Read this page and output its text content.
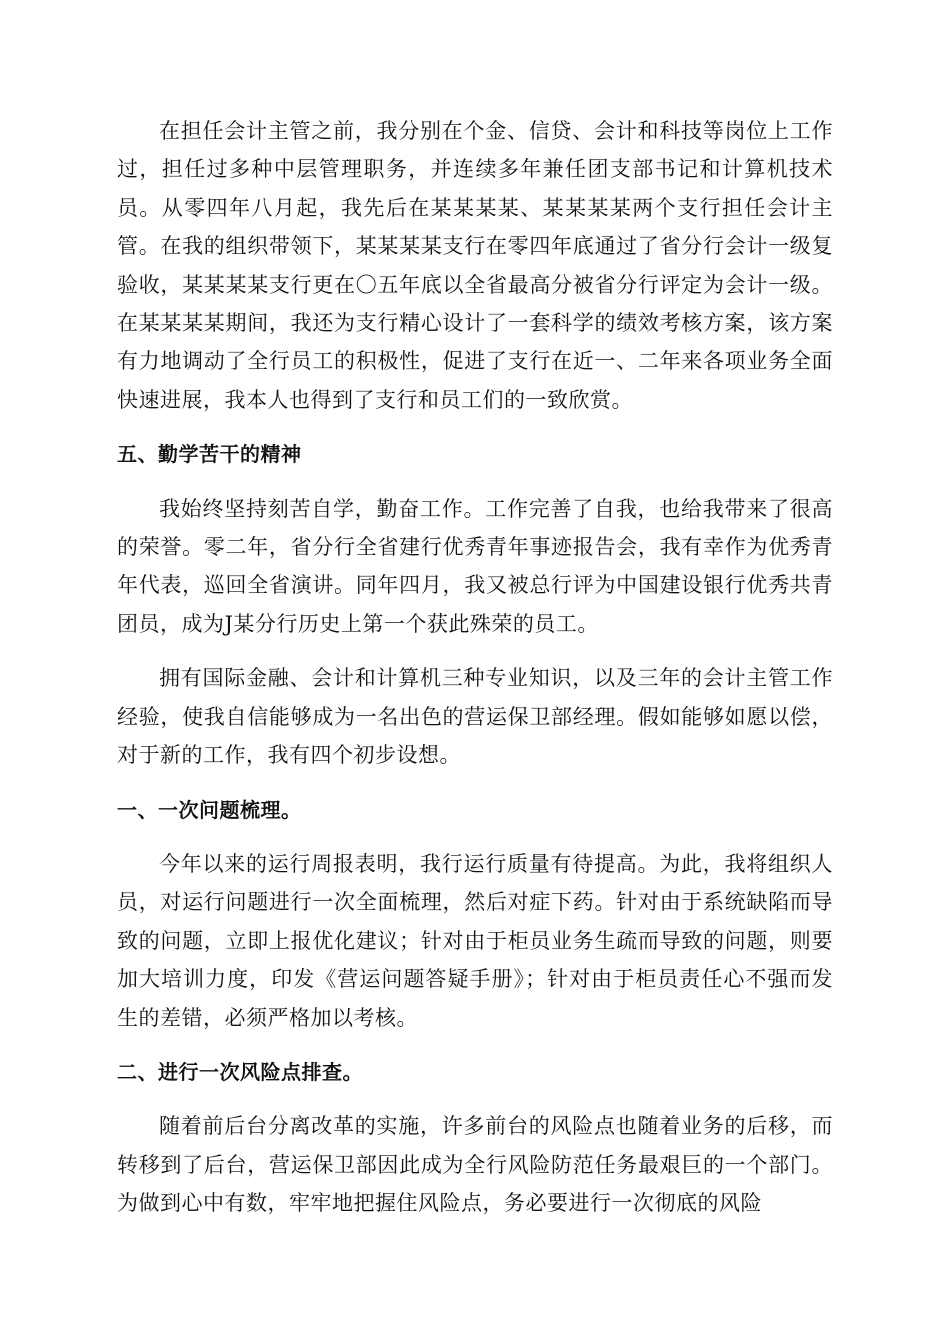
在担任会计主管之前，我分别在个金、信贷、会计和科技等岗位上工作过，担任过多种中层管理职务，并连续多年兼任团支部书记和计算机技术员。从零四年八月起，我先后在某某某某、某某某某两个支行担任会计主管。在我的组织带领下，某某某某支行在零四年底通过了省分行会计一级复验收，某某某某支行更在〇五年底以全省最高分被省分行评定为会计一级。在某某某某期间，我还为支行精心设计了一套科学的绩效考核方案，该方案有力地调动了全行员工的积极性，促进了支行在近一、二年来各项业务全面快速进展，我本人也得到了支行和员工们的一致欣赏。

五、勤学苦干的精神

我始终坚持刻苦自学，勤奋工作。工作完善了自我，也给我带来了很高的荣誉。零二年，省分行全省建行优秀青年事迹报告会，我有幸作为优秀青年代表，巡回全省演讲。同年四月，我又被总行评为中国建设银行优秀共青团员，成为J某分行历史上第一个获此殊荣的员工。

拥有国际金融、会计和计算机三种专业知识，以及三年的会计主管工作经验，使我自信能够成为一名出色的营运保卫部经理。假如能够如愿以偿，对于新的工作，我有四个初步设想。

一、一次问题梳理。

今年以来的运行周报表明，我行运行质量有待提高。为此，我将组织人员，对运行问题进行一次全面梳理，然后对症下药。针对由于系统缺陷而导致的问题，立即上报优化建议；针对由于柜员业务生疏而导致的问题，则要加大培训力度，印发《营运问题答疑手册》；针对由于柜员责任心不强而发生的差错，必须严格加以考核。

二、进行一次风险点排查。

随着前后台分离改革的实施，许多前台的风险点也随着业务的后移，而转移到了后台，营运保卫部因此成为全行风险防范任务最艰巨的一个部门。为做到心中有数，牢牢地把握住风险点，务必要进行一次彻底的风险
